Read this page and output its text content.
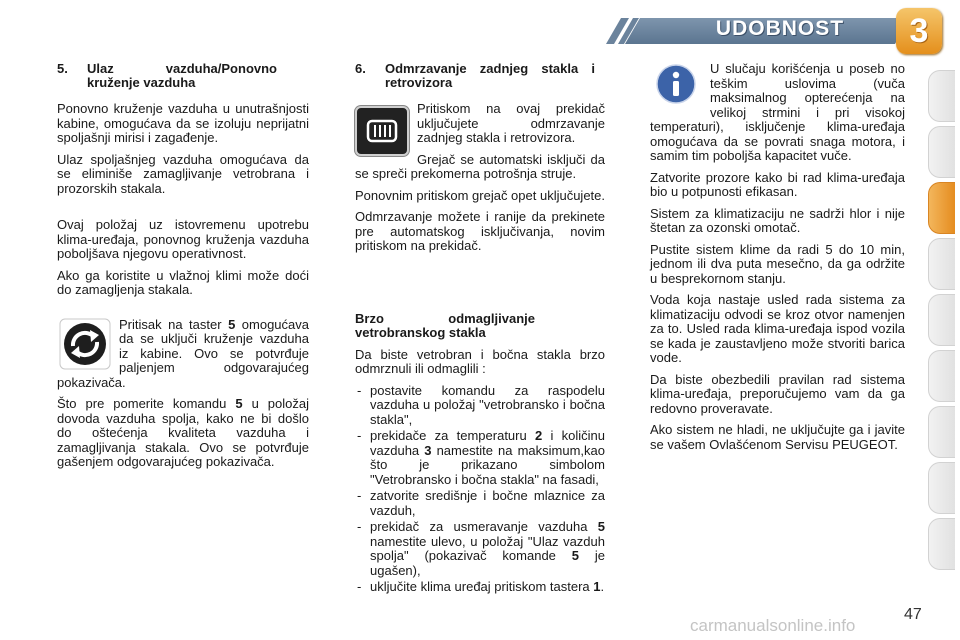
UDOBNOST	3
5. Ulaz vazduha/Ponovno kruženje vazduha

Ponovno kruženje vazduha u unutrašnjosti kabine, omogućava da se izoluju neprijatni spoljašnji mirisi i zagađenje.

Ulaz spoljašnjeg vazduha omogućava da se eliminiše zamagljivanje vetrobrana i prozorskih stakala.

Ovaj položaj uz istovremenu upotrebu klima-uređaja, ponovnog kruženja vazduha poboljšava njegovu operativnost.

Ako ga koristite u vlažnoj klimi može doći do zamagljenja stakala.

Pritisak na taster 5 omogućava da se uključi kruženje vazduha iz kabine. Ovo se potvrđuje paljenjem odgovarajućeg pokazivača.

Što pre pomerite komandu 5 u položaj dovoda vazduha spolja, kako ne bi došlo do oštećenja kvaliteta vazduha i zamagljivanja stakala. Ovo se potvrđuje gašenjem odgovarajućeg pokazivača.

6. Odmrzavanje zadnjeg stakla i retrovizora

Pritiskom na ovaj prekidač uključujete odmrzavanje zadnjeg stakla i retrovizora.

Grejač se automatski isključi da se spreči prekomerna potrošnja struje.

Ponovnim pritiskom grejač opet uključujete.

Odmrzavanje možete i ranije da prekinete pre automatskog isključivanja, novim pritiskom na prekidač.

Brzo odmagljivanje vetrobranskog stakla

Da biste vetrobran i bočna stakla brzo odmrznuli ili odmaglili :

- postavite komandu za raspodelu vazduha u položaj "vetrobransko i bočna stakla",
- prekidače za temperaturu 2 i količinu vazduha 3 namestite na maksimum,kao što je prikazano simbolom "Vetrobransko i bočna stakla" na fasadi,
- zatvorite središnje i bočne mlaznice za vazduh,
- prekidač za usmeravanje vazduha 5 namestite ulevo, u položaj "Ulaz vazduh spolja" (pokazivač komande 5 je ugašen),
- uključite klima uređaj pritiskom tastera 1.

U slučaju korišćenja u poseb no teškim uslovima (vuča maksimalnog opterećenja na velikoj strmini i pri visokoj temperaturi), isključenje klima-uređaja omogućava da se povrati snaga motora, i samim tim poboljša kapacitet vuče.

Zatvorite prozore kako bi rad klima-uređaja bio u potpunosti efikasan.

Sistem za klimatizaciju ne sadrži hlor i nije štetan za ozonski omotač.

Pustite sistem klime da radi 5 do 10 min, jednom ili dva puta mesečno, da ga održite u besprekornom stanju.

Voda koja nastaje usled rada sistema za klimatizaciju odvodi se kroz otvor namenjen za to. Usled rada klima-uređaja ispod vozila se kada je zaustavljeno može stvoriti barica vode.

Da biste obezbedili pravilan rad sistema klima-uređaja, preporučujemo vam da ga redovno proveravate.

Ako sistem ne hladi, ne uključujte ga i javite se vašem Ovlašćenom Servisu PEUGEOT.

carmanualsonline.info
47
